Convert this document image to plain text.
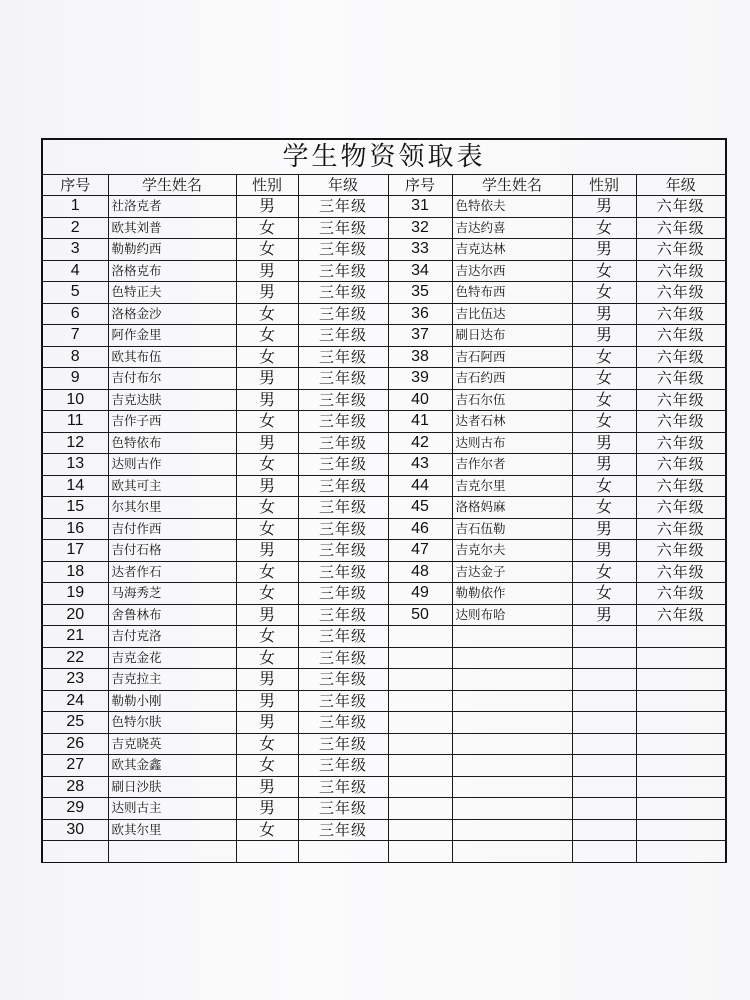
学生物资领取表							
序号	学生姓名	性别	年级	序号	学生姓名	性别	年级
1	社洛克者	男	三年级	31	色特依夫	男	六年级
2	欧其刘普	女	三年级	32	吉达约喜	女	六年级
3	勒勒约西	女	三年级	33	吉克达林	男	六年级
4	洛格克布	男	三年级	34	吉达尔西	女	六年级
5	色特正夫	男	三年级	35	色特布西	女	六年级
6	洛格金沙	女	三年级	36	吉比伍达	男	六年级
7	阿作金里	女	三年级	37	刷日达布	男	六年级
8	欧其布伍	女	三年级	38	吉石阿西	女	六年级
9	吉付布尔	男	三年级	39	吉石约西	女	六年级
10	吉克达肤	男	三年级	40	吉石尔伍	女	六年级
11	吉作子西	女	三年级	41	达者石林	女	六年级
12	色特依布	男	三年级	42	达则古布	男	六年级
13	达则古作	女	三年级	43	吉作尔者	男	六年级
14	欧其可主	男	三年级	44	吉克尔里	女	六年级
15	尔其尔里	女	三年级	45	洛格妈麻	女	六年级
16	吉付作西	女	三年级	46	吉石伍勒	男	六年级
17	吉付石格	男	三年级	47	吉克尔夫	男	六年级
18	达者作石	女	三年级	48	吉达金子	女	六年级
19	马海秀芝	女	三年级	49	勒勒依作	女	六年级
20	舍鲁林布	男	三年级	50	达则布哈	男	六年级
21	吉付克洛	女	三年级				
22	吉克金花	女	三年级				
23	吉克拉主	男	三年级				
24	勒勒小刚	男	三年级				
25	色特尔肤	男	三年级				
26	吉克晓英	女	三年级				
27	欧其金鑫	女	三年级				
28	刷日沙肤	男	三年级				
29	达则古主	男	三年级				
30	欧其尔里	女	三年级				
